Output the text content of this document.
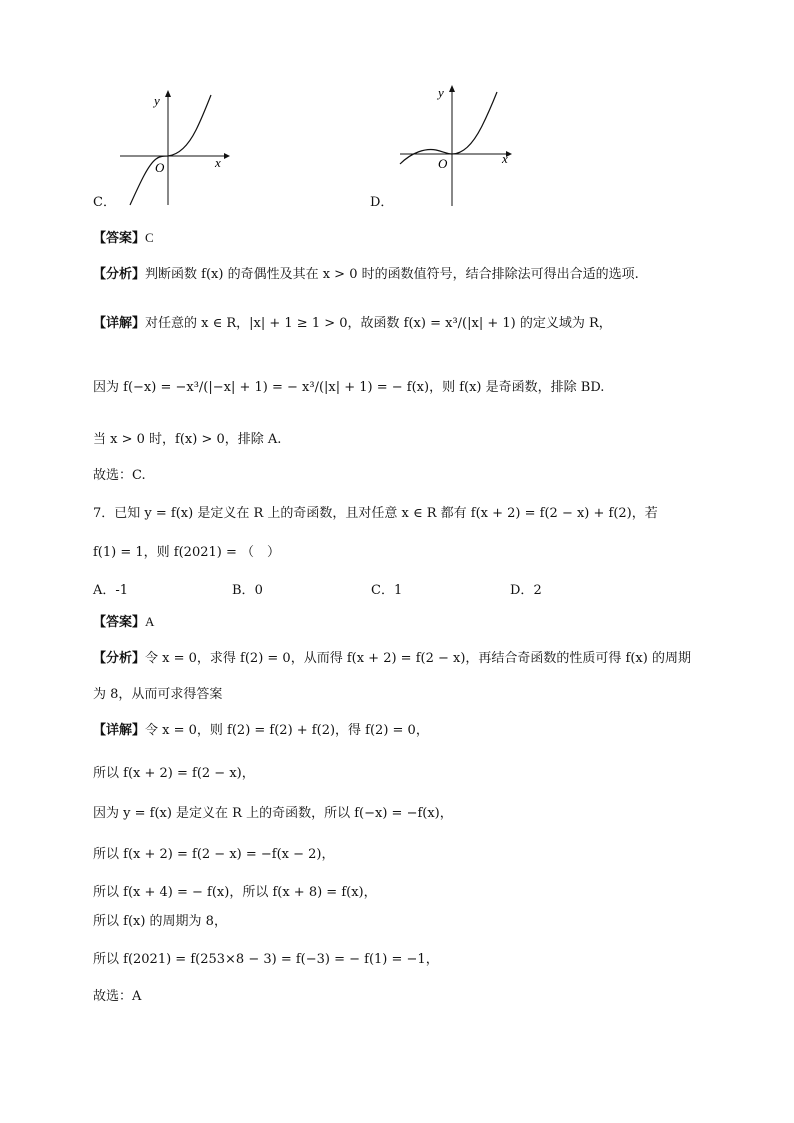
y
x
O
C．
y
x
O
D．
【答案】C
【分析】判断函数 f(x) 的奇偶性及其在 x > 0 时的函数值符号，结合排除法可得出合适的选项.
【详解】对任意的 x ∈ R，|x| + 1 ≥ 1 > 0，故函数 f(x) = x³/(|x| + 1) 的定义域为 R，
因为 f(−x) = −x³/(|−x| + 1) = − x³/(|x| + 1) = − f(x)，则 f(x) 是奇函数，排除 BD.
当 x > 0 时，f(x) > 0，排除 A.
故选：C.
7．已知 y = f(x) 是定义在 R 上的奇函数，且对任意 x ∈ R 都有 f(x + 2) = f(2 − x) + f(2)，若
f(1) = 1，则 f(2021) = （　）
A．-1	B．0	C．1	D．2
【答案】A
【分析】令 x = 0，求得 f(2) = 0，从而得 f(x + 2) = f(2 − x)，再结合奇函数的性质可得 f(x) 的周期
为 8，从而可求得答案
【详解】令 x = 0，则 f(2) = f(2) + f(2)，得 f(2) = 0，
所以 f(x + 2) = f(2 − x)，
因为 y = f(x) 是定义在 R 上的奇函数，所以 f(−x) = −f(x)，
所以 f(x + 2) = f(2 − x) = −f(x − 2)，
所以 f(x + 4) = − f(x)，所以 f(x + 8) = f(x)，
所以 f(x) 的周期为 8，
所以 f(2021) = f(253×8 − 3) = f(−3) = − f(1) = −1，
故选：A
